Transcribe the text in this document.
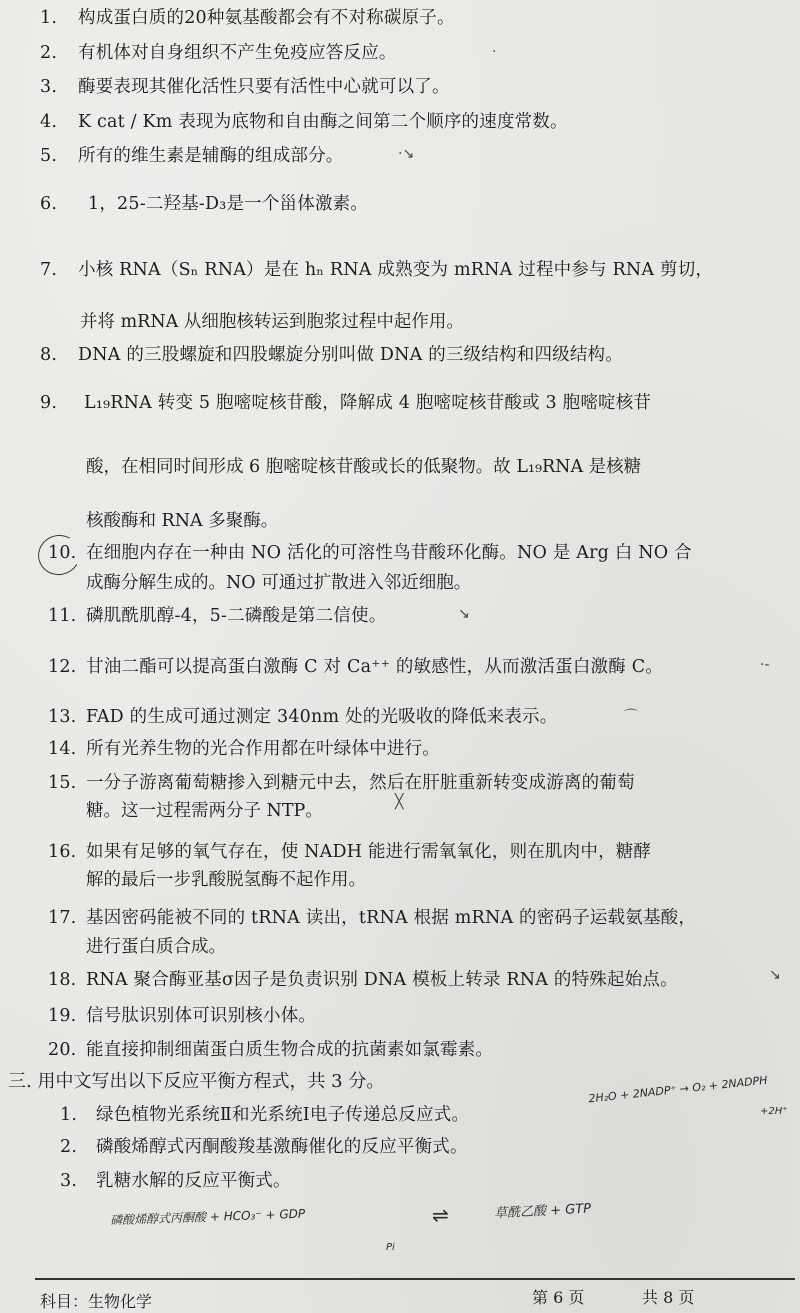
1.	构成蛋白质的20种氨基酸都会有不对称碳原子。
2.	有机体对自身组织不产生免疫应答反应。
3.	酶要表现其催化活性只要有活性中心就可以了。
4.	K cat / Km 表现为底物和自由酶之间第二个顺序的速度常数。
5.	所有的维生素是辅酶的组成部分。
6.	1，25-二羟基-D₃是一个甾体激素。
7.	小核 RNA（Sₙ RNA）是在 hₙ RNA 成熟变为 mRNA 过程中参与 RNA 剪切，
并将 mRNA 从细胞核转运到胞浆过程中起作用。
8.	DNA 的三股螺旋和四股螺旋分别叫做 DNA 的三级结构和四级结构。
9.	L₁₉RNA 转变 5 胞嘧啶核苷酸，降解成 4 胞嘧啶核苷酸或 3 胞嘧啶核苷
酸，在相同时间形成 6 胞嘧啶核苷酸或长的低聚物。故 L₁₉RNA 是核糖
核酸酶和 RNA 多聚酶。
10. 在细胞内存在一种由 NO 活化的可溶性鸟苷酸环化酶。NO 是 Arg 白 NO 合
成酶分解生成的。NO 可通过扩散进入邻近细胞。
11. 磷肌酰肌醇-4，5-二磷酸是第二信使。
12. 甘油二酯可以提高蛋白激酶 C 对 Ca⁺⁺ 的敏感性，从而激活蛋白激酶 C。
13. FAD 的生成可通过测定 340nm 处的光吸收的降低来表示。
14. 所有光养生物的光合作用都在叶绿体中进行。
15. 一分子游离葡萄糖掺入到糖元中去，然后在肝脏重新转变成游离的葡萄
糖。这一过程需两分子 NTP。
16. 如果有足够的氧气存在，使 NADH 能进行需氧氧化，则在肌肉中，糖酵
解的最后一步乳酸脱氢酶不起作用。
17. 基因密码能被不同的 tRNA 读出，tRNA 根据 mRNA 的密码子运载氨基酸，
进行蛋白质合成。
18. RNA 聚合酶亚基σ因子是负责识别 DNA 模板上转录 RNA 的特殊起始点。
19. 信号肽识别体可识别核小体。
20. 能直接抑制细菌蛋白质生物合成的抗菌素如氯霉素。
三. 用中文写出以下反应平衡方程式，共 3 分。
1.	绿色植物光系统Ⅱ和光系统Ⅰ电子传递总反应式。
2.	磷酸烯醇式丙酮酸羧基激酶催化的反应平衡式。
3.	乳糖水解的反应平衡式。
2H₂O + 2NADP⁺ → O₂ + 2NADPH
+2H⁺
磷酸烯醇式丙酮酸 + HCO₃⁻ + GDP	⇌	草酰乙酸 + GTP
Pi
·
·↘
↘
·-
⌒
╳
↘
科目：生物化学	第 6 页	共 8 页
